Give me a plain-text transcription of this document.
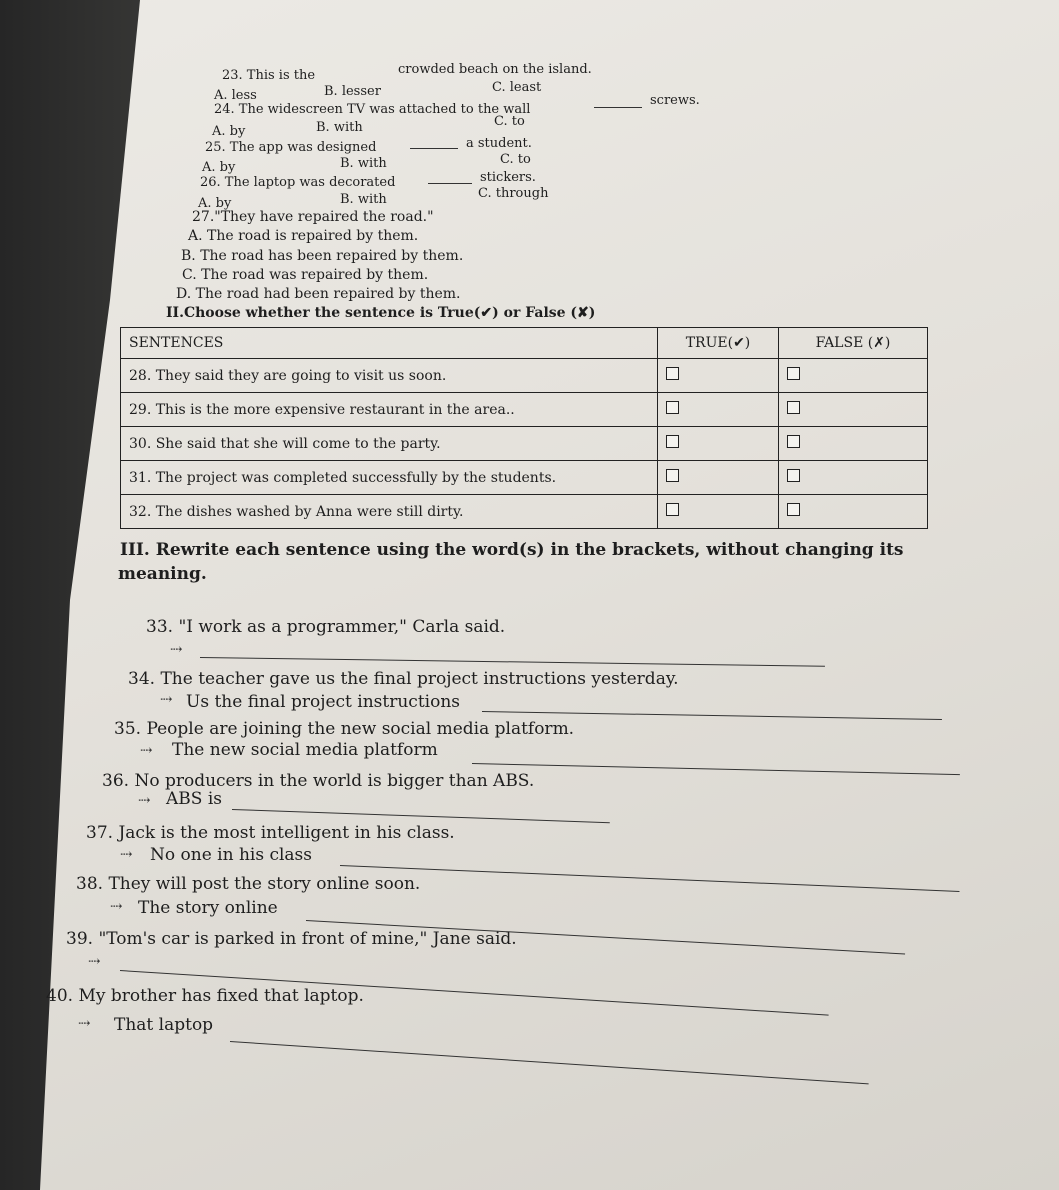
23. This is the	crowded beach on the island.
A. less	B. lesser	C. least
24. The widescreen TV was attached to the wall
screws.
A. by	B. with	C. to
25. The app was designed	a student.
A. by	B. with	C. to
26. The laptop was decorated	stickers.
A. by	B. with	C. through
27."They have repaired the road."
A. The road is repaired by them.
B. The road has been repaired by them.
C. The road was repaired by them.
D. The road had been repaired by them.
II.Choose whether the sentence is True(✔) or False (✘)
SENTENCES	TRUE(✔)	FALSE (✗)
28. They said they are going to visit us soon.		
29. This is the more expensive restaurant in the area..		
30. She said that she will come to the party.		
31. The project was completed successfully by the students.		
32. The dishes washed by Anna were still dirty.		
III. Rewrite each sentence using the word(s) in the brackets, without changing its
meaning.
33. "I work as a programmer," Carla said.
⇢
34. The teacher gave us the final project instructions yesterday.
⇢ Us the final project instructions
35. People are joining the new social media platform.
⇢ The new social media platform
36. No producers in the world is bigger than ABS.
⇢ ABS is
37. Jack is the most intelligent in his class.
⇢ No one in his class
38. They will post the story online soon.
⇢ The story online
39. "Tom's car is parked in front of mine," Jane said.
⇢
40. My brother has fixed that laptop.
⇢ That laptop
